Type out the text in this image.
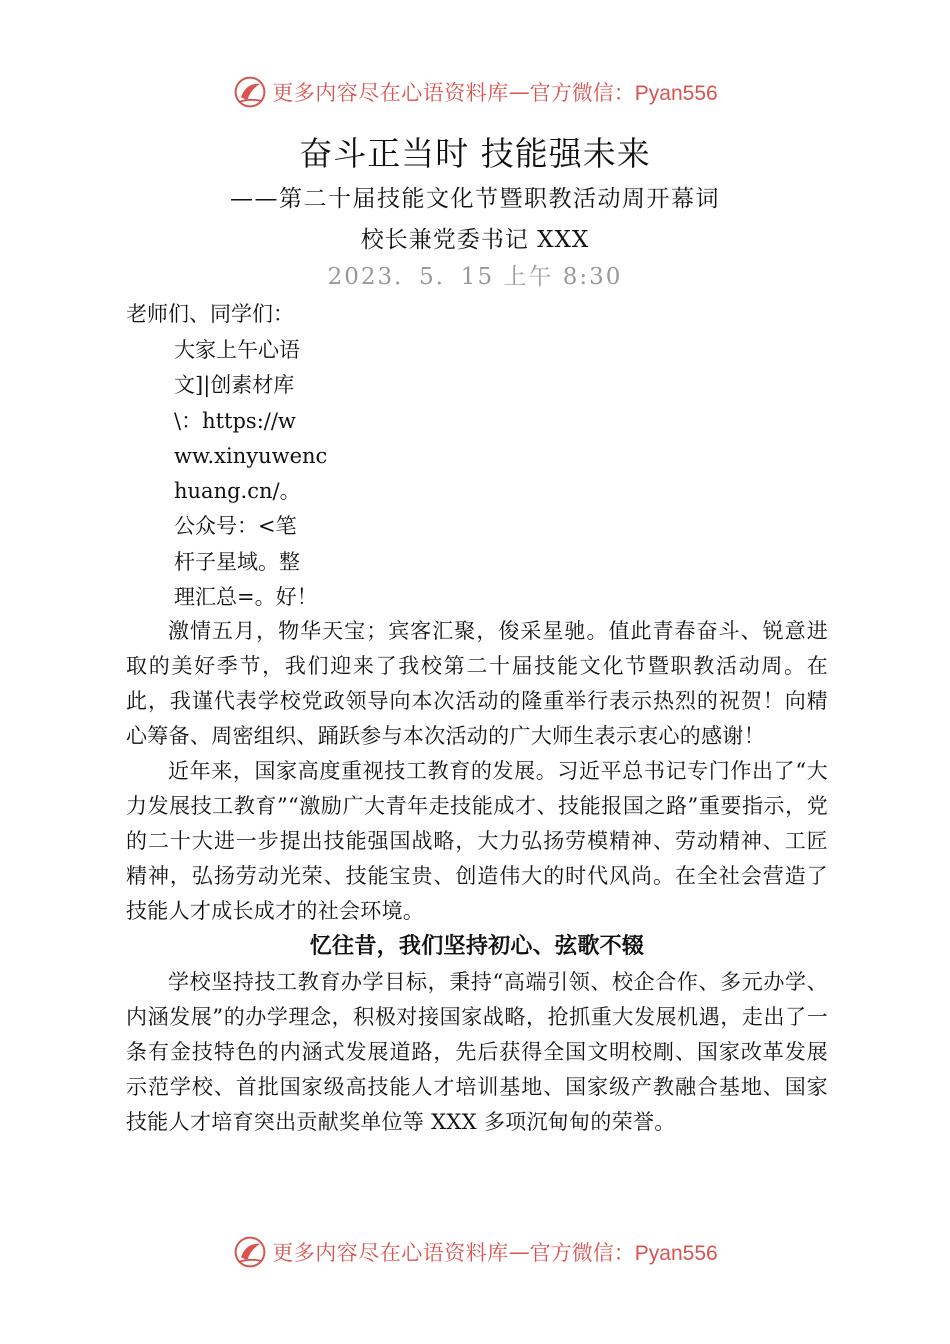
更多内容尽在心语资料库 — 官方微信：Pyan556
奋斗正当时 技能强未来
——第二十届技能文化节暨职教活动周开幕词
校长兼党委书记 XXX
2023．5．15 上午 8:30
老师们、同学们：
大家上午心语
文]|创素材库
\：https://w
ww.xinyuwenc
huang.cn/。
公众号：<笔
杆子星域。整
理汇总=。好！

激情五月，物华天宝；宾客汇聚，俊采星驰。值此青春奋斗、锐意进取的美好季节，我们迎来了我校第二十届技能文化节暨职教活动周。在此，我谨代表学校党政领导向本次活动的隆重举行表示热烈的祝贺！向精心筹备、周密组织、踊跃参与本次活动的广大师生表示衷心的感谢！

近年来，国家高度重视技工教育的发展。习近平总书记专门作出了“大力发展技工教育”“激励广大青年走技能成才、技能报国之路”重要指示，党的二十大进一步提出技能强国战略，大力弘扬劳模精神、劳动精神、工匠精神，弘扬劳动光荣、技能宝贵、创造伟大的时代风尚。在全社会营造了技能人才成长成才的社会环境。

忆往昔，我们坚持初心、弦歌不辍

学校坚持技工教育办学目标，秉持“高端引领、校企合作、多元办学、内涵发展”的办学理念，积极对接国家战略，抢抓重大发展机遇，走出了一条有金技特色的内涵式发展道路，先后获得全国文明校㓮、国家改革发展示范学校、首批国家级高技能人才培训基地、国家级产教融合基地、国家技能人才培育突出贡献奖单位等 XXX 多项沉甸甸的荣誉。

更多内容尽在心语资料库 — 官方微信：Pyan556
